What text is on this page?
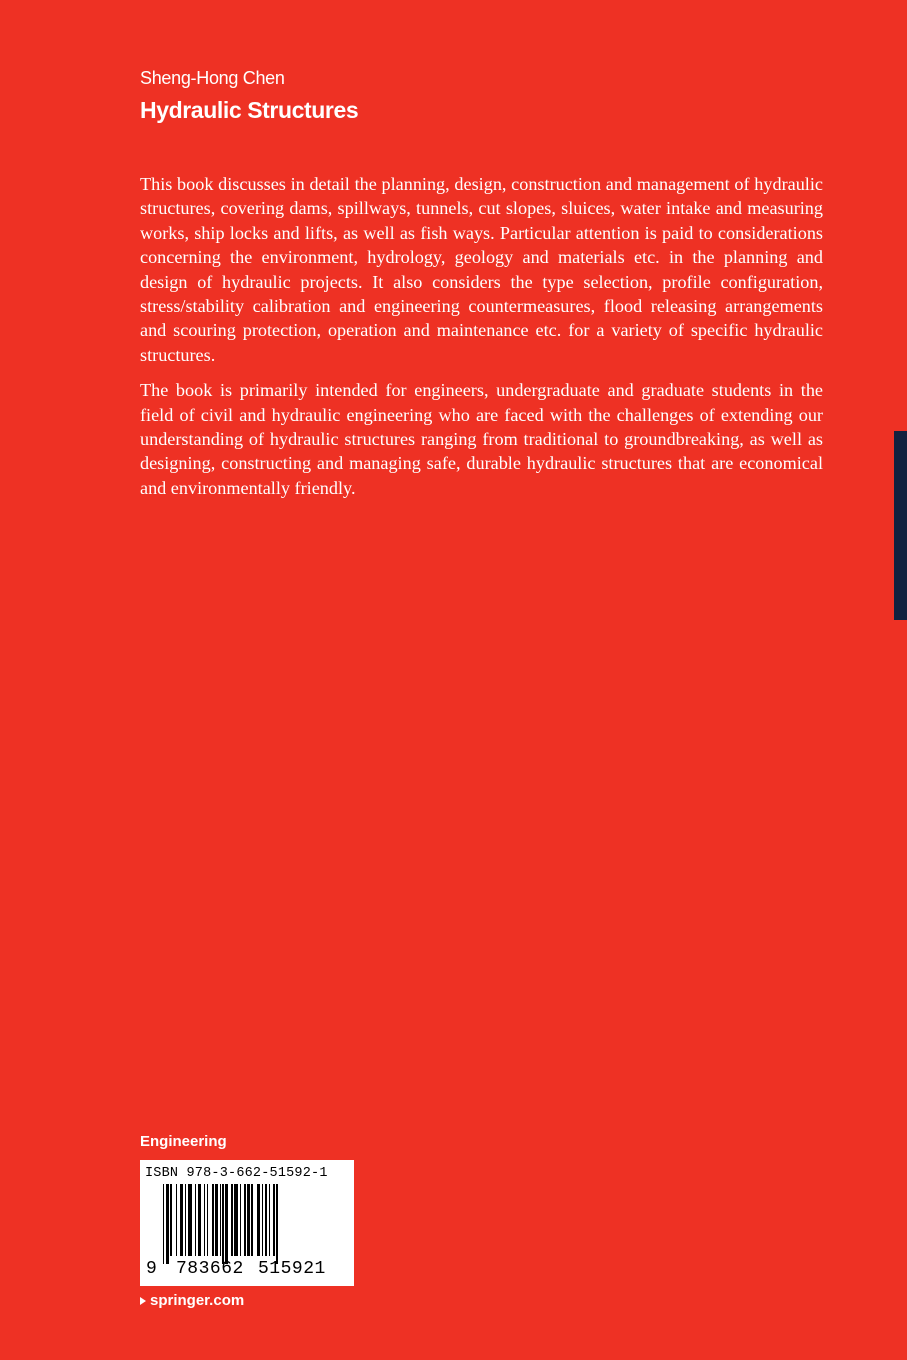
Sheng-Hong Chen
Hydraulic Structures

This book discusses in detail the planning, design, construction and management of hydraulic structures, covering dams, spillways, tunnels, cut slopes, sluices, water intake and measuring works, ship locks and lifts, as well as fish ways. Particular attention is paid to considerations concerning the environment, hydrology, geology and materials etc. in the planning and design of hydraulic projects. It also considers the type selection, profile configuration, stress/stability calibration and engineering countermeasures, flood releasing arrangements and scouring protection, operation and maintenance etc. for a variety of specific hydraulic structures.

The book is primarily intended for engineers, undergraduate and graduate students in the field of civil and hydraulic engineering who are faced with the challenges of extending our understanding of hydraulic structures ranging from traditional to groundbreaking, as well as designing, constructing and managing safe, durable hydraulic structures that are economical and environmentally friendly.

Engineering
ISBN 978-3-662-51592-1
9 783662 515921
springer.com
